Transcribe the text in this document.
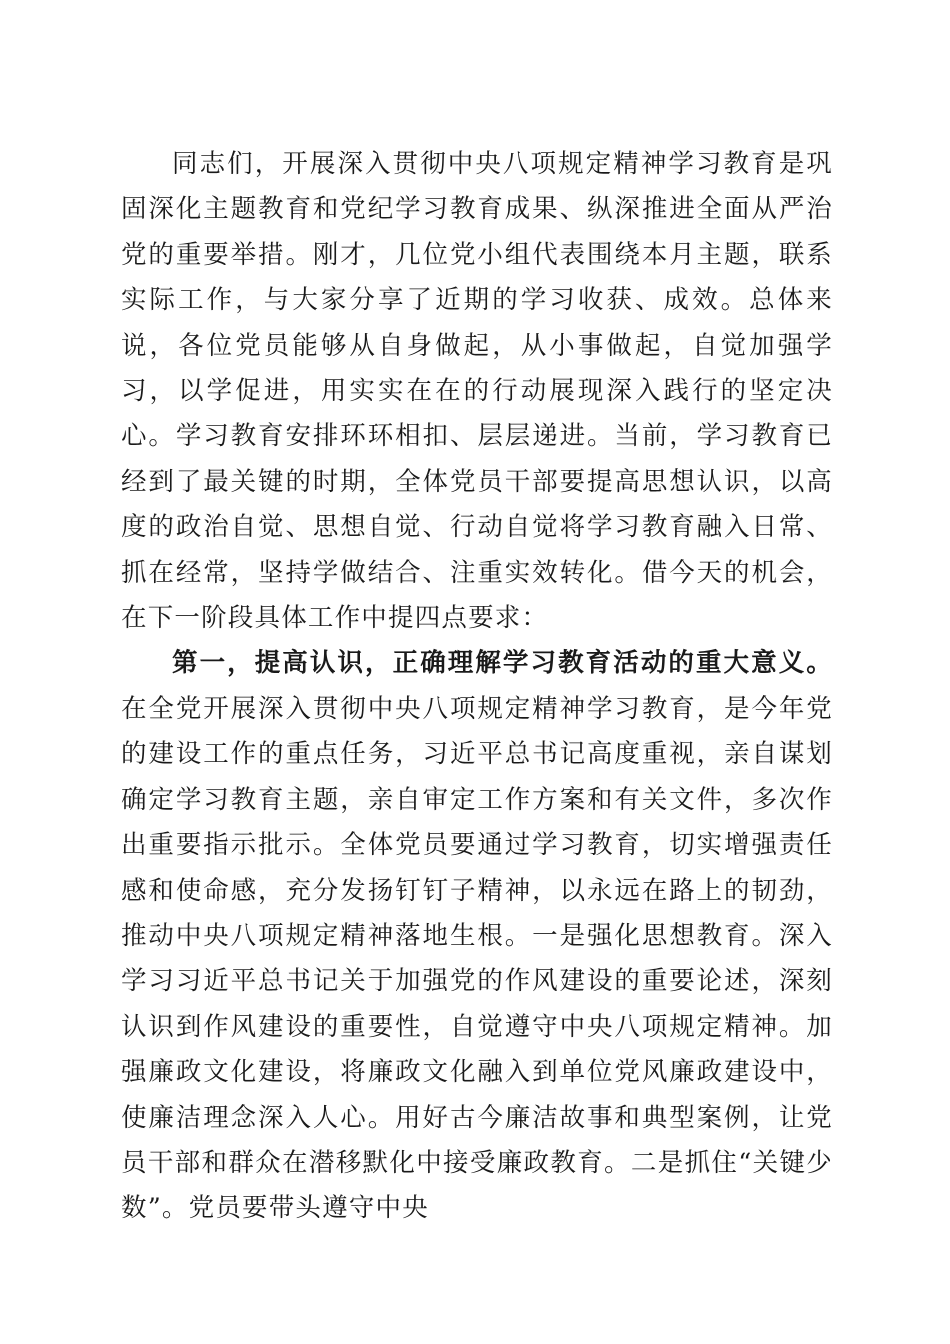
同志们，开展深入贯彻中央八项规定精神学习教育是巩固深化主题教育和党纪学习教育成果、纵深推进全面从严治党的重要举措。刚才，几位党小组代表围绕本月主题，联系实际工作，与大家分享了近期的学习收获、成效。总体来说，各位党员能够从自身做起，从小事做起，自觉加强学习，以学促进，用实实在在的行动展现深入践行的坚定决心。学习教育安排环环相扣、层层递进。当前，学习教育已经到了最关键的时期，全体党员干部要提高思想认识，以高度的政治自觉、思想自觉、行动自觉将学习教育融入日常、抓在经常，坚持学做结合、注重实效转化。借今天的机会，在下一阶段具体工作中提四点要求：

第一，提高认识，正确理解学习教育活动的重大意义。在全党开展深入贯彻中央八项规定精神学习教育，是今年党的建设工作的重点任务，习近平总书记高度重视，亲自谋划确定学习教育主题，亲自审定工作方案和有关文件，多次作出重要指示批示。全体党员要通过学习教育，切实增强责任感和使命感，充分发扬钉钉子精神，以永远在路上的韧劲，推动中央八项规定精神落地生根。一是强化思想教育。深入学习习近平总书记关于加强党的作风建设的重要论述，深刻认识到作风建设的重要性，自觉遵守中央八项规定精神。加强廉政文化建设，将廉政文化融入到单位党风廉政建设中，使廉洁理念深入人心。用好古今廉洁故事和典型案例，让党员干部和群众在潜移默化中接受廉政教育。二是抓住“关键少数”。党员要带头遵守中央
